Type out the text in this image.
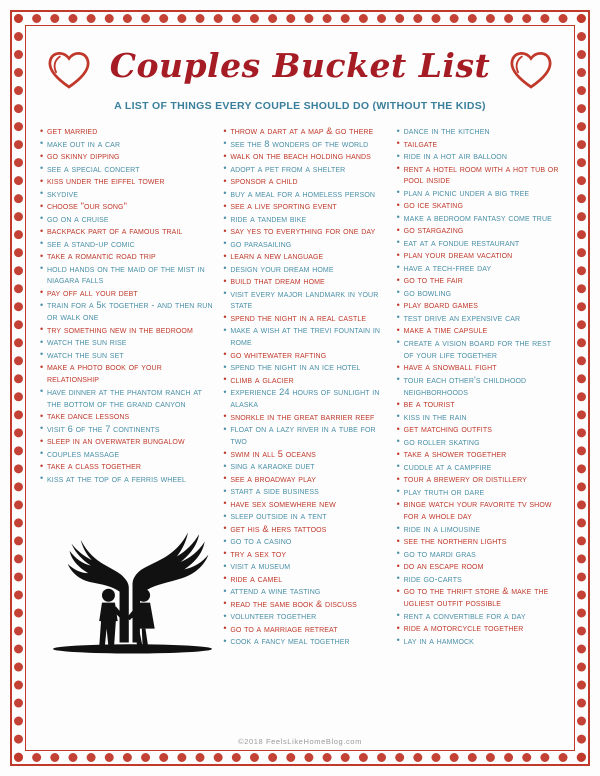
Couples Bucket List
A LIST OF THINGS EVERY COUPLE SHOULD DO (WITHOUT THE KIDS)
• get married
• make out in a car
• go skinny dipping
• see a special concert
• kiss under the eiffel tower
• skydive
• choose "our song"
• go on a cruise
• backpack part of a famous trail
• see a stand-up comic
• take a romantic road trip
• hold hands on the maid of the mist in niagara falls
• pay off all your debt
• train for a 5k together - and then run or walk one
• try something new in the bedroom
• watch the sun rise
• watch the sun set
• make a photo book of your relationship
• have dinner at the phantom ranch at the bottom of the grand canyon
• take dance lessons
• visit 6 of the 7 continents
• sleep in an overwater bungalow
• couples massage
• take a class together
• kiss at the top of a ferris wheel
• throw a dart at a map & go there
• see the 8 wonders of the world
• walk on the beach holding hands
• adopt a pet from a shelter
• sponsor a child
• buy a meal for a homeless person
• see a live sporting event
• ride a tandem bike
• say yes to everything for one day
• go parasailing
• learn a new language
• design your dream home
• build that dream home
• visit every major landmark in your state
• spend the night in a real castle
• make a wish at the trevi fountain in rome
• go whitewater rafting
• spend the night in an ice hotel
• climb a glacier
• experience 24 hours of sunlight in alaska
• snorkle in the great barrier reef
• float on a lazy river in a tube for two
• swim in all 5 oceans
• sing a karaoke duet
• see a broadway play
• start a side business
• have sex somewhere new
• sleep outside in a tent
• get his & hers tattoos
• go to a casino
• try a sex toy
• visit a museum
• ride a camel
• attend a wine tasting
• read the same book & discuss
• volunteer together
• go to a marriage retreat
• cook a fancy meal together
• dance in the kitchen
• tailgate
• ride in a hot air balloon
• rent a hotel room with a hot tub or pool inside
• plan a picnic under a big tree
• go ice skating
• make a bedroom fantasy come true
• go stargazing
• eat at a fondue restaurant
• plan your dream vacation
• have a tech-free day
• go to the fair
• go bowling
• play board games
• test drive an expensive car
• make a time capsule
• create a vision board for the rest of your life together
• have a snowball fight
• tour each other's childhood neighborhoods
• be a tourist
• kiss in the rain
• get matching outfits
• go roller skating
• take a shower together
• cuddle at a campfire
• tour a brewery or distillery
• play truth or dare
• binge watch your favorite tv show for a whole day
• ride in a limousine
• see the northern lights
• go to mardi gras
• do an escape room
• ride go-carts
• go to the thrift store & make the ugliest outfit possible
• rent a convertible for a day
• ride a motorcycle together
• lay in a hammock
©2018 FeelsLikeHomeBlog.com
